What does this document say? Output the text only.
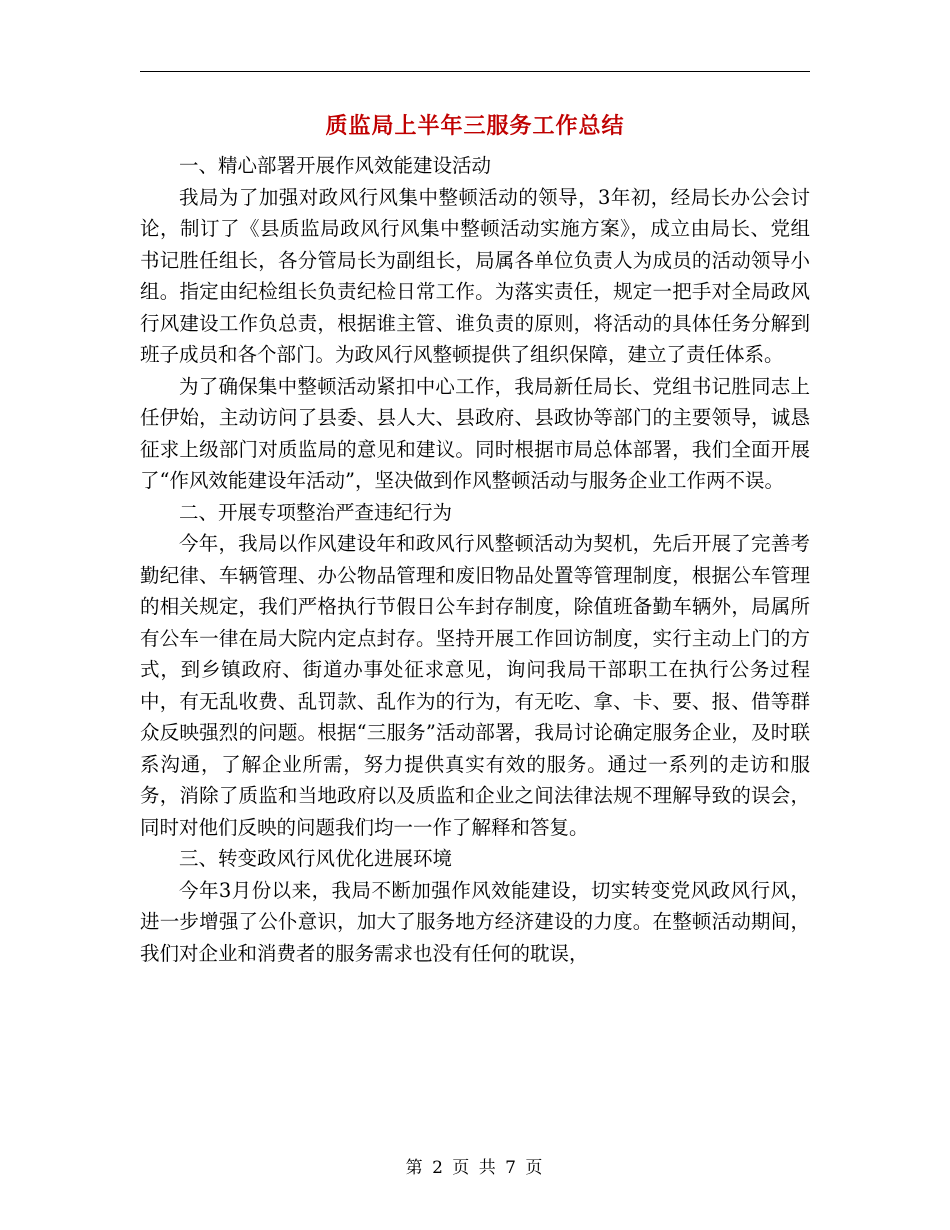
质监局上半年三服务工作总结
一、精心部署开展作风效能建设活动
我局为了加强对政风行风集中整顿活动的领导，3年初，经局长办公会讨论，制订了《县质监局政风行风集中整顿活动实施方案》，成立由局长、党组书记胜任组长，各分管局长为副组长，局属各单位负责人为成员的活动领导小组。指定由纪检组长负责纪检日常工作。为落实责任，规定一把手对全局政风行风建设工作负总责，根据谁主管、谁负责的原则，将活动的具体任务分解到班子成员和各个部门。为政风行风整顿提供了组织保障，建立了责任体系。
为了确保集中整顿活动紧扣中心工作，我局新任局长、党组书记胜同志上任伊始，主动访问了县委、县人大、县政府、县政协等部门的主要领导，诚恳征求上级部门对质监局的意见和建议。同时根据市局总体部署，我们全面开展了“作风效能建设年活动”，坚决做到作风整顿活动与服务企业工作两不误。
二、开展专项整治严查违纪行为
今年，我局以作风建设年和政风行风整顿活动为契机，先后开展了完善考勤纪律、车辆管理、办公物品管理和废旧物品处置等管理制度，根据公车管理的相关规定，我们严格执行节假日公车封存制度，除值班备勤车辆外，局属所有公车一律在局大院内定点封存。坚持开展工作回访制度，实行主动上门的方式，到乡镇政府、街道办事处征求意见，询问我局干部职工在执行公务过程中，有无乱收费、乱罚款、乱作为的行为，有无吃、拿、卡、要、报、借等群众反映强烈的问题。根据“三服务”活动部署，我局讨论确定服务企业，及时联系沟通，了解企业所需，努力提供真实有效的服务。通过一系列的走访和服务，消除了质监和当地政府以及质监和企业之间法律法规不理解导致的误会，同时对他们反映的问题我们均一一作了解释和答复。
三、转变政风行风优化进展环境
今年3月份以来，我局不断加强作风效能建设，切实转变党风政风行风，进一步增强了公仆意识，加大了服务地方经济建设的力度。在整顿活动期间，我们对企业和消费者的服务需求也没有任何的耽误，
第 2 页 共 7 页
